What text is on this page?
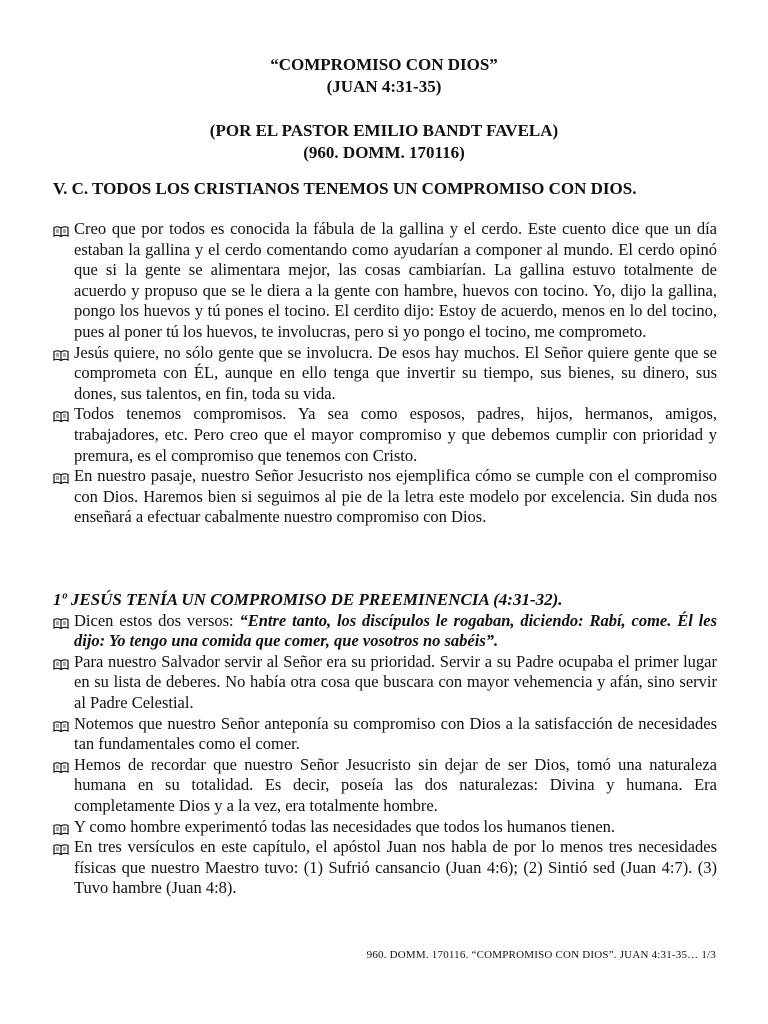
“COMPROMISO CON DIOS”
(JUAN 4:31-35)
(POR EL PASTOR EMILIO BANDT FAVELA)
(960. DOMM. 170116)
V. C. TODOS LOS CRISTIANOS TENEMOS UN COMPROMISO CON DIOS.
Creo que por todos es conocida la fábula de la gallina y el cerdo. Este cuento dice que un día estaban la gallina y el cerdo comentando como ayudarían a componer al mundo. El cerdo opinó que si la gente se alimentara mejor, las cosas cambiarían. La gallina estuvo totalmente de acuerdo y propuso que se le diera a la gente con hambre, huevos con tocino. Yo, dijo la gallina, pongo los huevos y tú pones el tocino. El cerdito dijo: Estoy de acuerdo, menos en lo del tocino, pues al poner tú los huevos, te involucras, pero si yo pongo el tocino, me comprometo.
Jesús quiere, no sólo gente que se involucra. De esos hay muchos. El Señor quiere gente que se comprometa con ÉL, aunque en ello tenga que invertir su tiempo, sus bienes, su dinero, sus dones, sus talentos, en fin, toda su vida.
Todos tenemos compromisos. Ya sea como esposos, padres, hijos, hermanos, amigos, trabajadores, etc. Pero creo que el mayor compromiso y que debemos cumplir con prioridad y premura, es el compromiso que tenemos con Cristo.
En nuestro pasaje, nuestro Señor Jesucristo nos ejemplifica cómo se cumple con el compromiso con Dios. Haremos bien si seguimos al pie de la letra este modelo por excelencia. Sin duda nos enseñará a efectuar cabalmente nuestro compromiso con Dios.
1º JESÚS TENÍA UN COMPROMISO DE PREEMINENCIA (4:31-32).
Dicen estos dos versos: “Entre tanto, los discípulos le rogaban, diciendo: Rabí, come. Él les dijo: Yo tengo una comida que comer, que vosotros no sabéis”.
Para nuestro Salvador servir al Señor era su prioridad. Servir a su Padre ocupaba el primer lugar en su lista de deberes. No había otra cosa que buscara con mayor vehemencia y afán, sino servir al Padre Celestial.
Notemos que nuestro Señor anteponía su compromiso con Dios a la satisfacción de necesidades tan fundamentales como el comer.
Hemos de recordar que nuestro Señor Jesucristo sin dejar de ser Dios, tomó una naturaleza humana en su totalidad. Es decir, poseía las dos naturalezas: Divina y humana. Era completamente Dios y a la vez, era totalmente hombre.
Y como hombre experimentó todas las necesidades que todos los humanos tienen.
En tres versículos en este capítulo, el apóstol Juan nos habla de por lo menos tres necesidades físicas que nuestro Maestro tuvo: (1) Sufrió cansancio (Juan 4:6); (2) Sintió sed (Juan 4:7). (3) Tuvo hambre (Juan 4:8).
960. DOMM. 170116. “COMPROMISO CON DIOS”. JUAN 4:31-35… 1/3
